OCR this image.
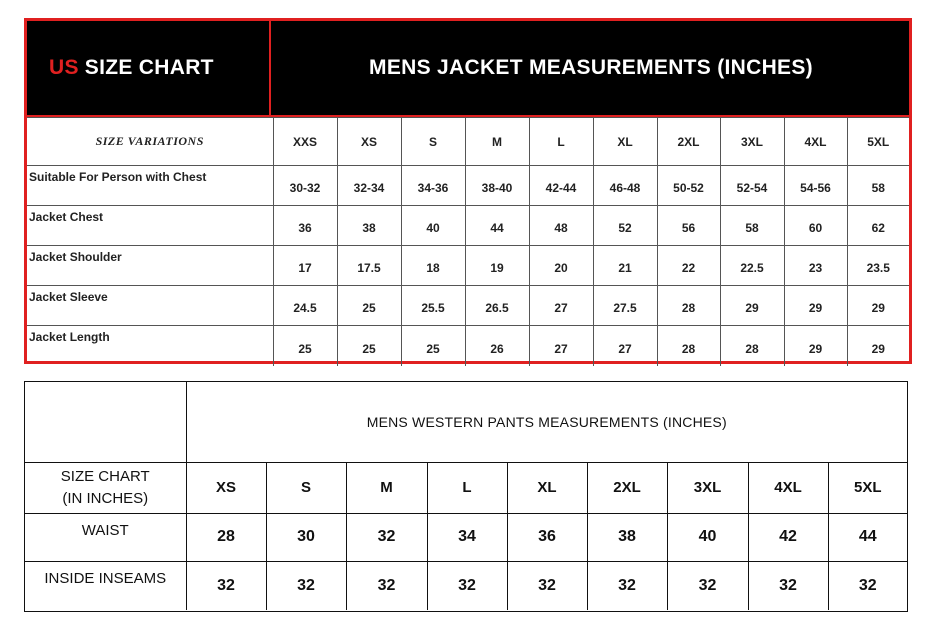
US SIZE CHART	MENS JACKET MEASUREMENTS (INCHES)
SIZE VARIATIONS	XXS	XS	S	M	L	XL	2XL	3XL	4XL	5XL
Suitable For Person with Chest	30-32	32-34	34-36	38-40	42-44	46-48	50-52	52-54	54-56	58
Jacket Chest	36	38	40	44	48	52	56	58	60	62
Jacket Shoulder	17	17.5	18	19	20	21	22	22.5	23	23.5
Jacket Sleeve	24.5	25	25.5	26.5	27	27.5	28	29	29	29
Jacket Length	25	25	25	26	27	27	28	28	29	29
	MENS WESTERN PANTS MEASUREMENTS (INCHES)								

SIZE CHART
(IN INCHES)	XS	S	M	L	XL	2XL	3XL	4XL	5XL
WAIST	28	30	32	34	36	38	40	42	44
INSIDE INSEAMS	32	32	32	32	32	32	32	32	32
